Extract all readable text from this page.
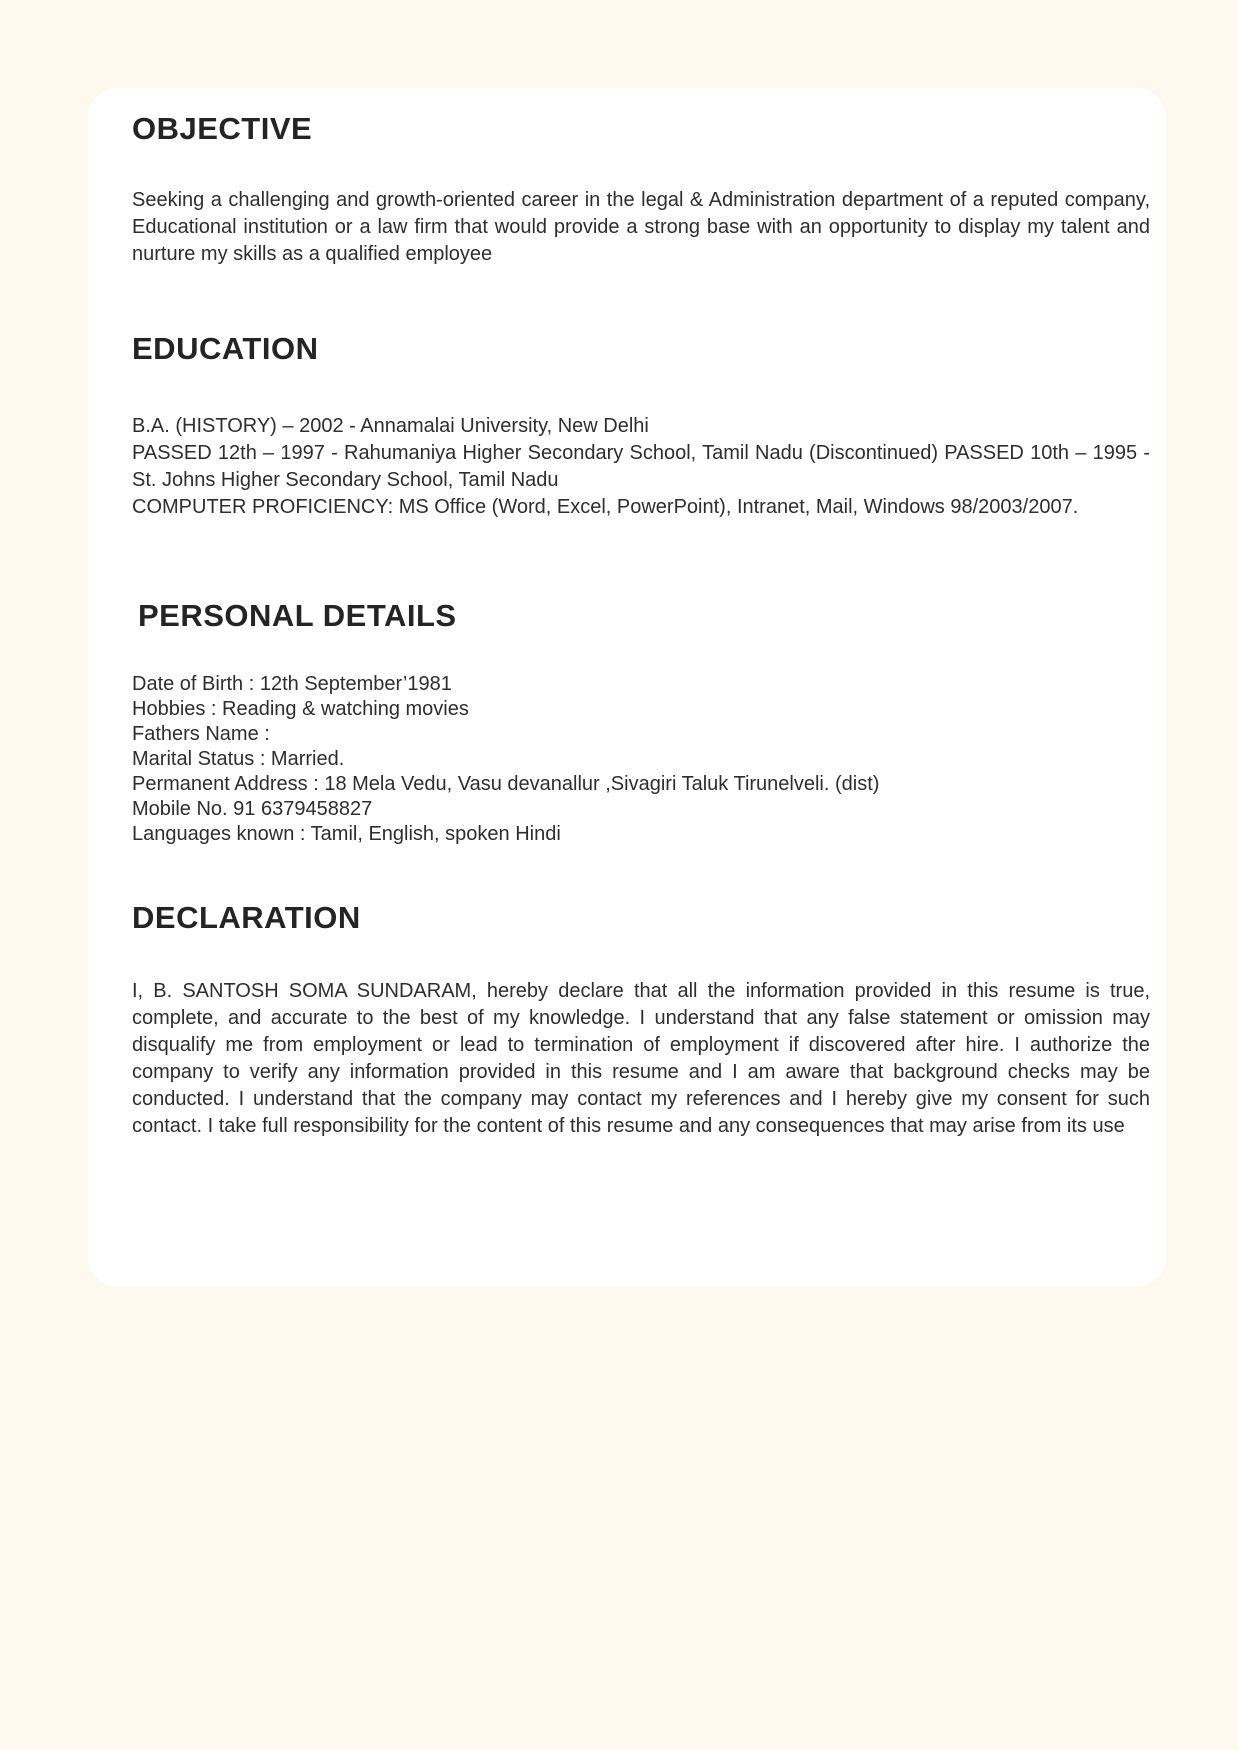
OBJECTIVE

Seeking a challenging and growth-oriented career in the legal & Administration department of a reputed company, Educational institution or a law firm that would provide a strong base with an opportunity to display my talent and nurture my skills as a qualified employee

EDUCATION

B.A. (HISTORY) – 2002 - Annamalai University, New Delhi

PASSED 12th – 1997 - Rahumaniya Higher Secondary School, Tamil Nadu (Discontinued) PASSED 10th – 1995 - St. Johns Higher Secondary School, Tamil Nadu

COMPUTER PROFICIENCY: MS Office (Word, Excel, PowerPoint), Intranet, Mail, Windows 98/2003/2007.

PERSONAL DETAILS

Date of Birth : 12th September’1981

Hobbies : Reading & watching movies

Fathers Name :

Marital Status : Married.

Permanent Address : 18 Mela Vedu, Vasu devanallur ,Sivagiri Taluk Tirunelveli. (dist)

Mobile No. 91 6379458827

Languages known : Tamil, English, spoken Hindi

DECLARATION

I, B. SANTOSH SOMA SUNDARAM, hereby declare that all the information provided in this resume is true, complete, and accurate to the best of my knowledge. I understand that any false statement or omission may disqualify me from employment or lead to termination of employment if discovered after hire. I authorize the company to verify any information provided in this resume and I am aware that background checks may be conducted. I understand that the company may contact my references and I hereby give my consent for such contact. I take full responsibility for the content of this resume and any consequences that may arise from its use
